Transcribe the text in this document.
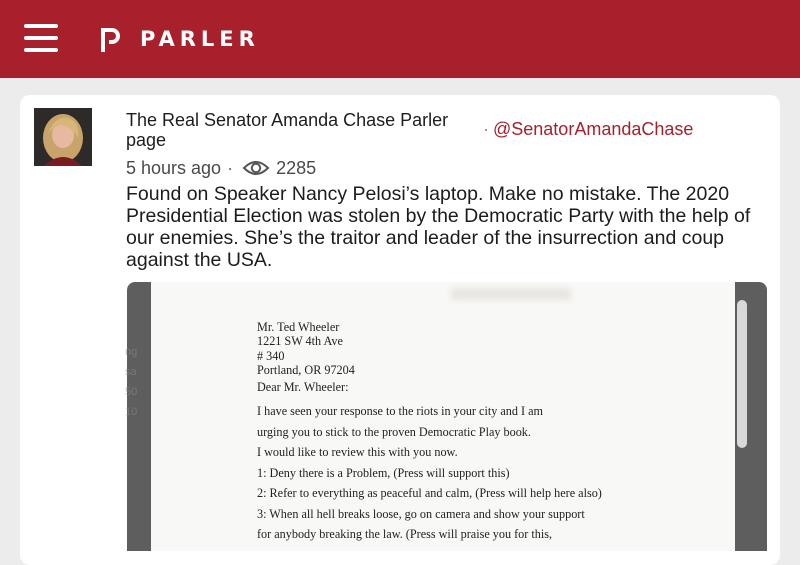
PARLER
The Real Senator Amanda Chase Parler page
· @SenatorAmandaChase
5 hours ago · 2285
Found on Speaker Nancy Pelosi’s laptop. Make no mistake. The 2020 Presidential Election was stolen by the Democratic Party with the help of our enemies. She’s the traitor and leader of the insurrection and coup against the USA.
ng
sa
50
10
Mr. Ted Wheeler
1221 SW 4th Ave
# 340
Portland, OR 97204
Dear Mr. Wheeler:
I have seen your response to the riots in your city and I am
urging you to stick to the proven Democratic Play book.
I would like to review this with you now.
1: Deny there is a Problem, (Press will support this)
2: Refer to everything as peaceful and calm, (Press will help here also)
3: When all hell breaks loose, go on camera and show your support
for anybody breaking the law. (Press will praise you for this,
